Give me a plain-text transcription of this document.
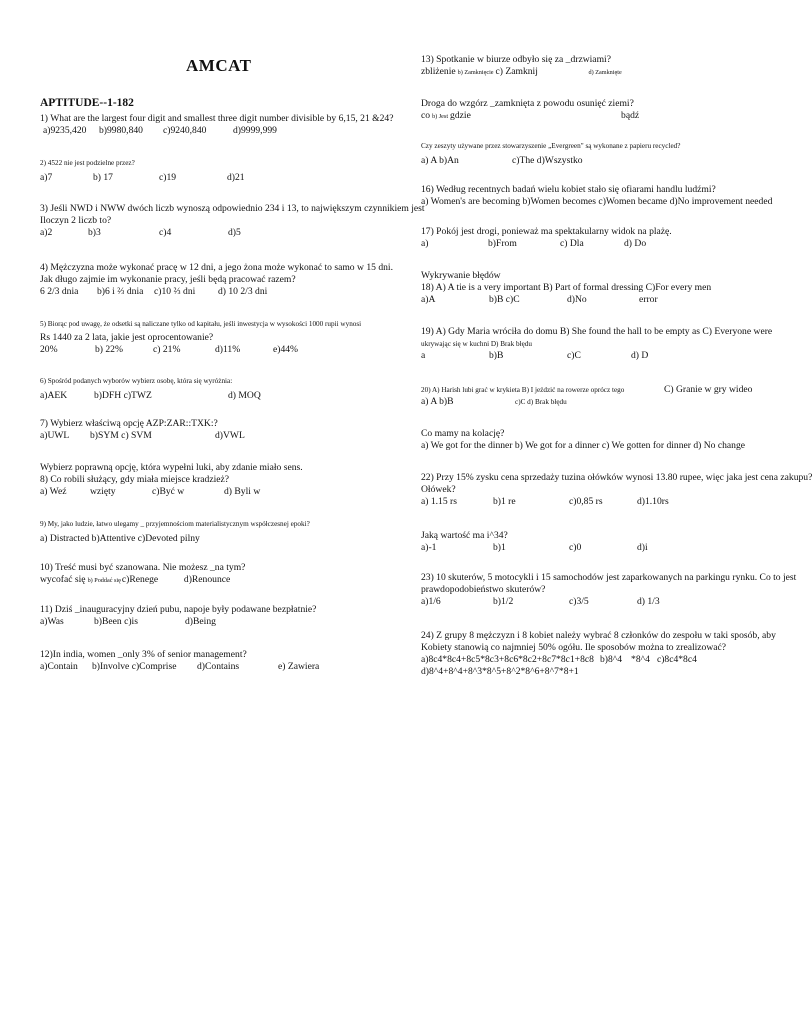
AMCAT
APTITUDE--1-182
1) What are the largest four digit and smallest three digit number divisible by 6,15, 21 &24?
a)9235,420 b)9980,840 c)9240,840	d)9999,999
2) 4522 nie jest podzielne przez?
a)7	b) 17	c)19	d)21
3) Jeśli NWD i NWW dwóch liczb wynoszą odpowiednio 234 i 13, to największym czynnikiem jest
Iloczyn 2 liczb to?
a)2	b)3	c)4	d)5
4) Mężczyzna może wykonać pracę w 12 dni, a jego żona może wykonać to samo w 15 dni.
Jak długo zajmie im wykonanie pracy, jeśli będą pracować razem?
6 2/3 dnia b)6 i ⅔ dnia c)10 ⅔ dni d) 10 2/3 dni
5) Biorąc pod uwagę, że odsetki są naliczane tylko od kapitału, jeśli inwestycja w wysokości 1000 rupii wynosi
Rs 1440 za 2 lata, jakie jest oprocentowanie?
20%	b) 22%	c) 21%	d)11%	e)44%
6) Spośród podanych wyborów wybierz osobę, która się wyróżnia:
a)AEK	b)DFH c)TWZ	d) MOQ
7) Wybierz właściwą opcję AZP:ZAR::TXK:?
a)UWL b)SYM c) SVM	d)VWL
Wybierz poprawną opcję, która wypełni luki, aby zdanie miało sens.
8) Co robili służący, gdy miała miejsce kradzież?
a) Weź wzięty	c)Być w	d) Byli w
9) My, jako ludzie, łatwo ulegamy _ przyjemnościom materialistycznym współczesnej epoki?
a) Distracted b)Attentive c)Devoted pilny
10) Treść musi być szanowana. Nie możesz _na tym?
wycofać się b) Poddać sięc)Renege	d)Renounce
11) Dziś _inauguracyjny dzień pubu, napoje były podawane bezpłatnie?
a)Was	b)Been c)is	d)Being
12)In india, women _only 3% of senior management?
a)Contain b)Involve c)Comprise d)Contains	e) Zawiera
13) Spotkanie w biurze odbyło się za _drzwiami?
zbliżenie b) Zamknięcie c) Zamknij	d) Zamknięte
Droga do wzgórz _zamknięta z powodu osunięć ziemi?
co b) Jest gdzie	bądź
Czy zeszyty używane przez stowarzyszenie „Evergreen" są wykonane z papieru recycled?
a) A b)An	c)The d)Wszystko
16) Według recentnych badań wielu kobiet stało się ofiarami handlu ludźmi?
a) Women's are becoming b)Women becomes c)Women became d)No improvement needed
17) Pokój jest drogi, ponieważ ma spektakularny widok na plażę.
a)	b)From	c) Dla	d) Do
Wykrywanie błędów
18) A) A tie is a very important B) Part of formal dressing C)For every men
a)A	b)B c)C	d)No	error
19) A) Gdy Maria wróciła do domu B) She found the hall to be empty as C) Everyone were
ukrywając się w kuchni D) Brak błędu
a	b)B	c)C	d) D
20) A) Harish lubi grać w krykieta B) I jeździć na rowerze oprócz tego	C) Granie w gry wideo
a) A b)B	c)C d) Brak błędu
Co mamy na kolację?
a) We got for the dinner b) We got for a dinner c) We gotten for dinner d) No change
22) Przy 15% zysku cena sprzedaży tuzina ołówków wynosi 13.80 rupee, więc jaka jest cena zakupu?
Ołówek?
a) 1.15 rs	b)1 re	c)0,85 rs	d)1.10rs
Jaką wartość ma i^34?
a)-1	b)1	c)0	d)i
23) 10 skuterów, 5 motocykli i 15 samochodów jest zaparkowanych na parkingu rynku. Co to jest
prawdopodobieństwo skuterów?
a)1/6	b)1/2	c)3/5	d) 1/3
24) Z grupy 8 mężczyzn i 8 kobiet należy wybrać 8 członków do zespołu w taki sposób, aby
Kobiety stanowią co najmniej 50% ogółu. Ile sposobów można to zrealizować?
a)8c4*8c4+8c5*8c3+8c6*8c2+8c7*8c1+8c8 b)8^4 *8^4 c)8c4*8c4
d)8^4+8^4+8^3*8^5+8^2*8^6+8^7*8+1
